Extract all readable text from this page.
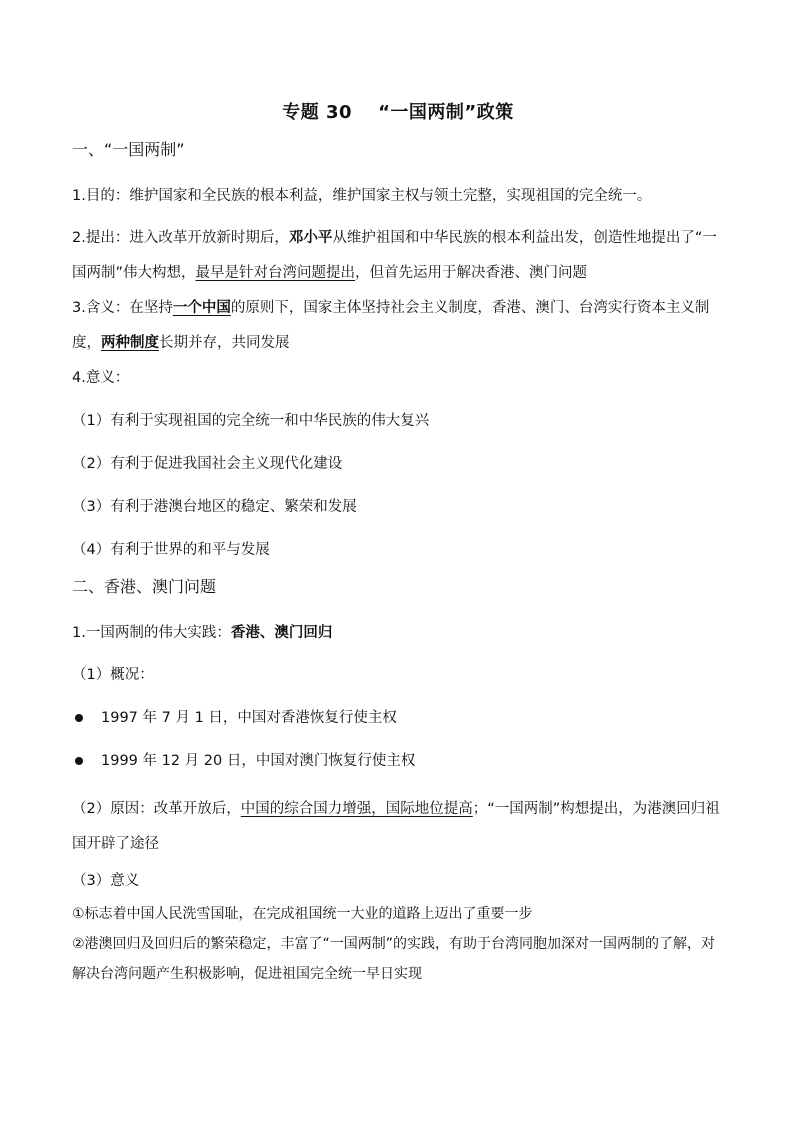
专题 30 “一国两制”政策
一、“一国两制”

1.目的：维护国家和全民族的根本利益，维护国家主权与领土完整，实现祖国的完全统一。

2.提出：进入改革开放新时期后，邓小平从维护祖国和中华民族的根本利益出发，创造性地提出了“一国两制”伟大构想，最早是针对台湾问题提出，但首先运用于解决香港、澳门问题

3.含义：在坚持一个中国的原则下，国家主体坚持社会主义制度，香港、澳门、台湾实行资本主义制度，两种制度长期并存，共同发展

4.意义：

（1）有利于实现祖国的完全统一和中华民族的伟大复兴

（2）有利于促进我国社会主义现代化建设

（3）有利于港澳台地区的稳定、繁荣和发展

（4）有利于世界的和平与发展

二、香港、澳门问题

1.一国两制的伟大实践：香港、澳门回归

（1）概况：

1997 年 7 月 1 日，中国对香港恢复行使主权
1999 年 12 月 20 日，中国对澳门恢复行使主权

（2）原因：改革开放后，中国的综合国力增强，国际地位提高；“一国两制”构想提出，为港澳回归祖国开辟了途径

（3）意义

①标志着中国人民洗雪国耻，在完成祖国统一大业的道路上迈出了重要一步

②港澳回归及回归后的繁荣稳定，丰富了“一国两制”的实践，有助于台湾同胞加深对一国两制的了解，对解决台湾问题产生积极影响，促进祖国完全统一早日实现
